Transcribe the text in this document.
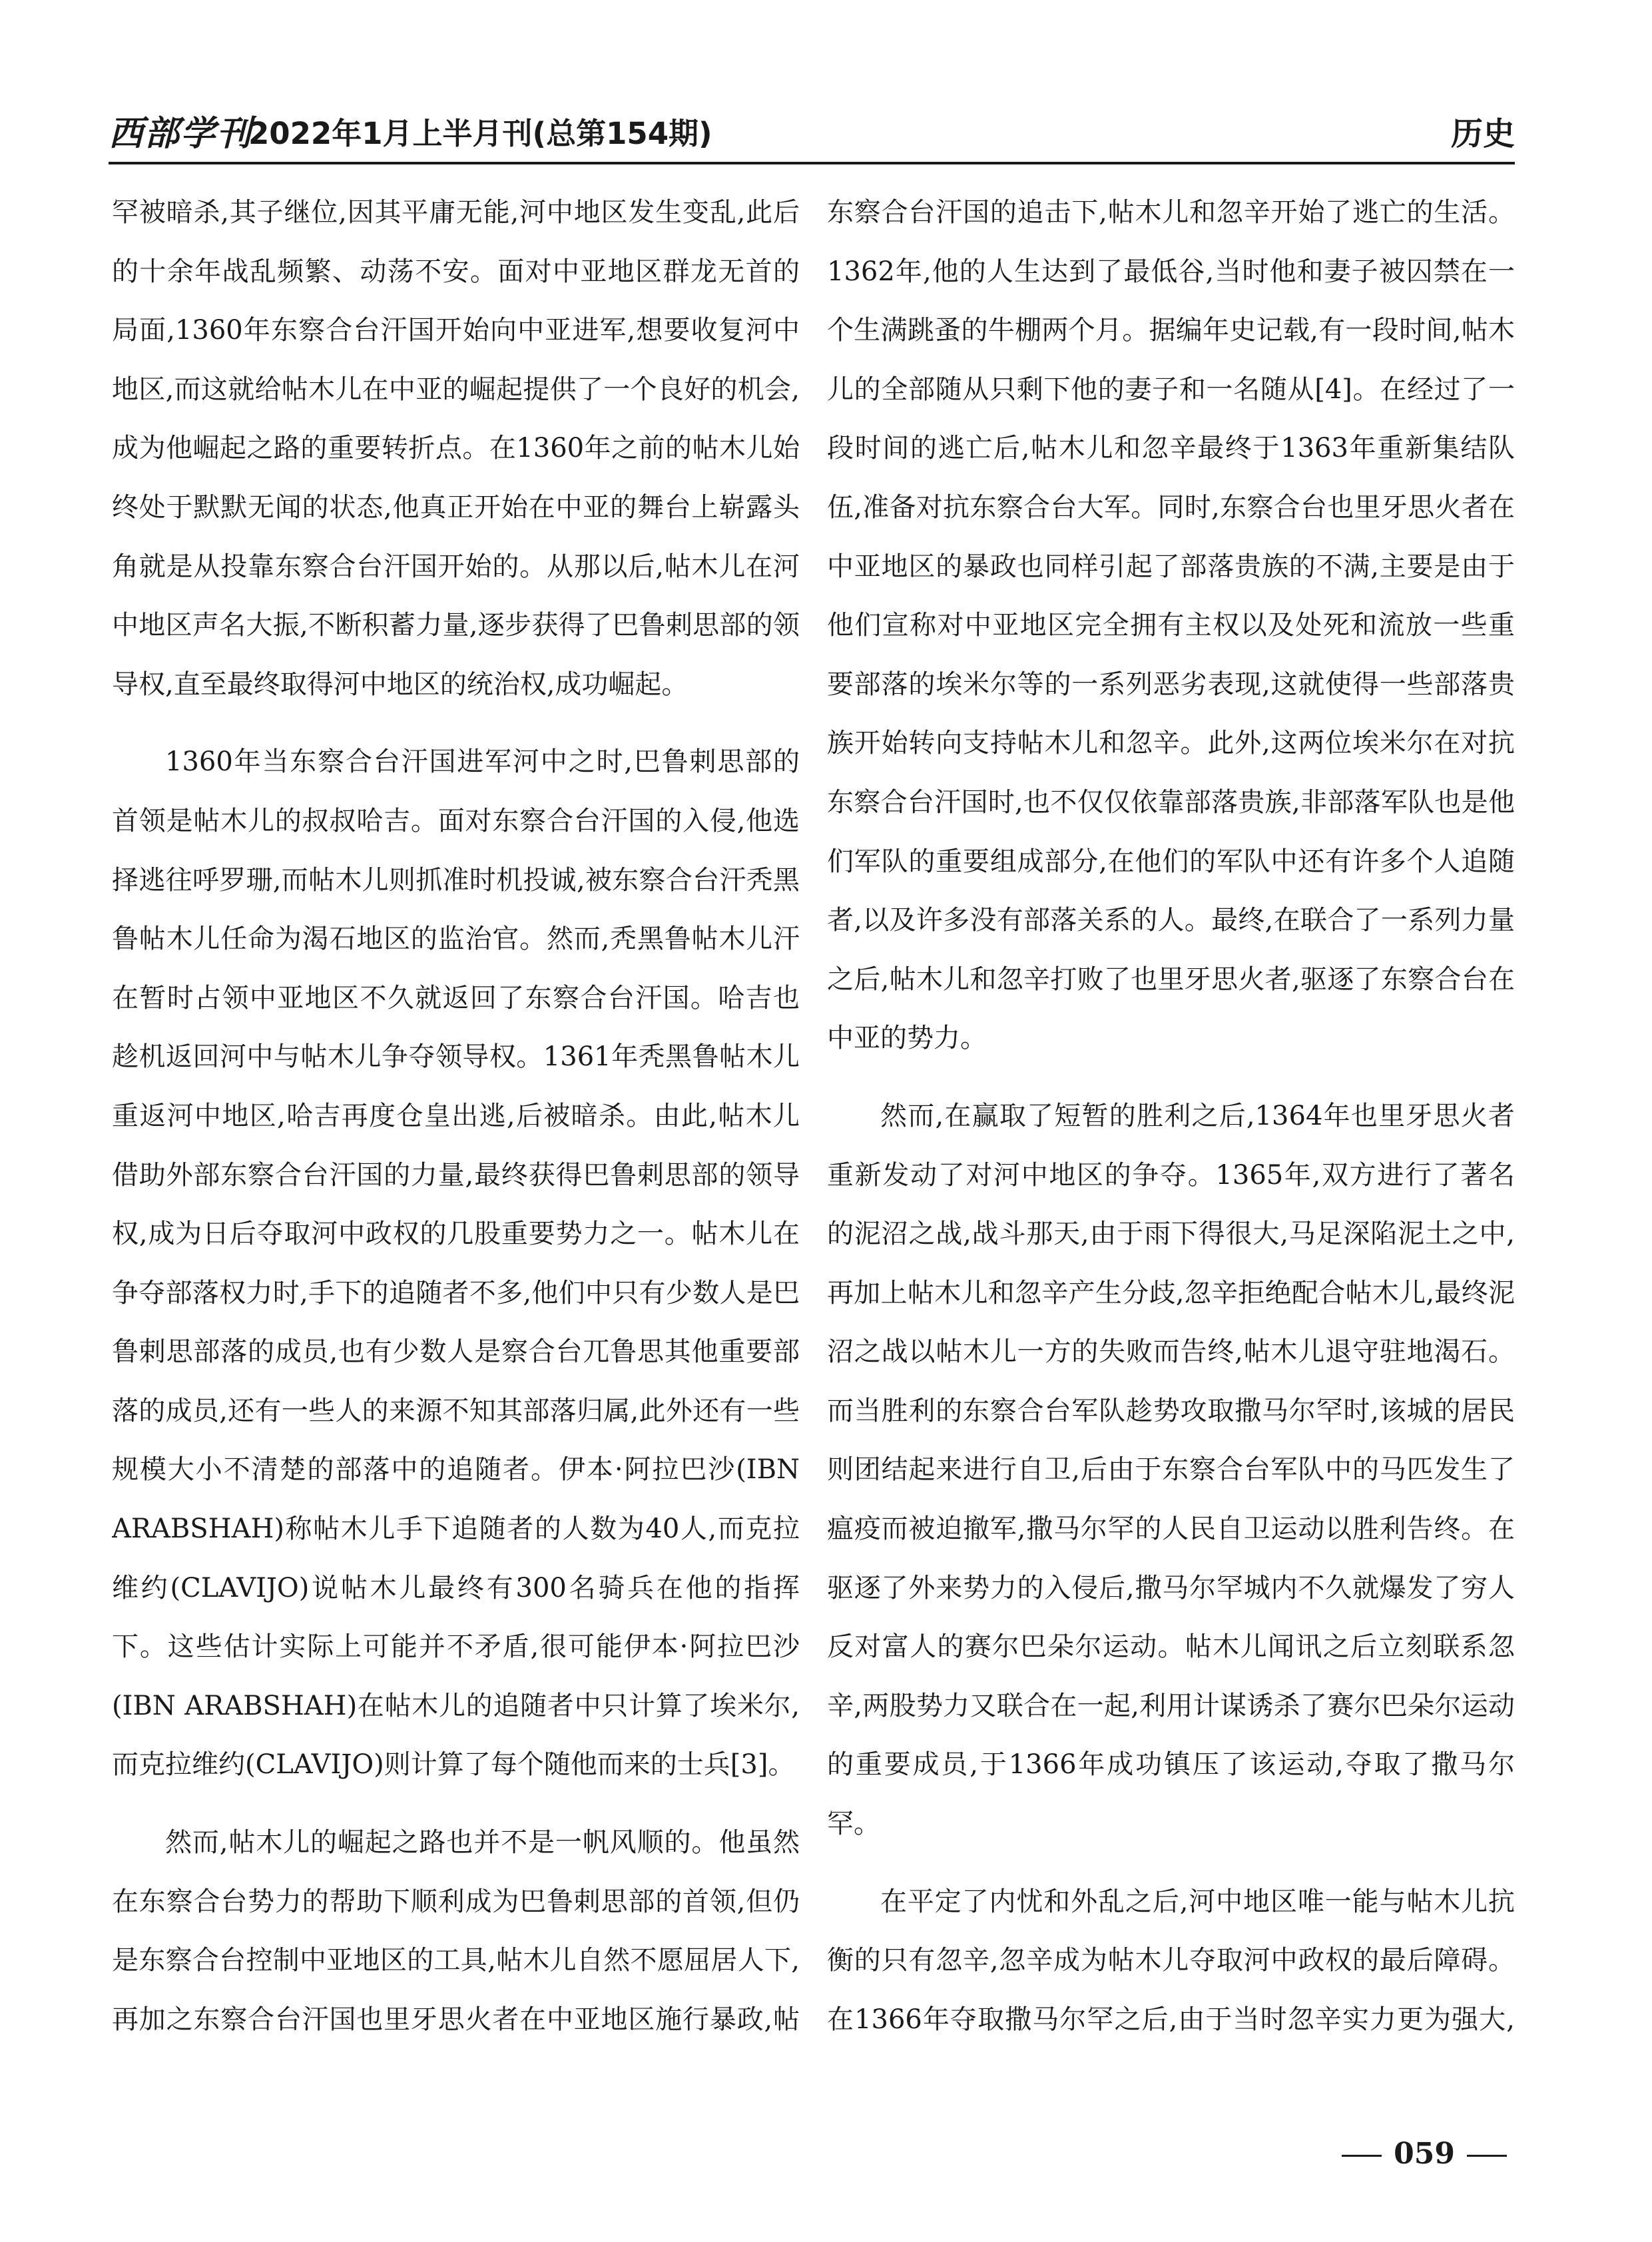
西部学刊
2022年1月上半月刊(总第154期)	历史

罕被暗杀,其子继位,因其平庸无能,河中地区发生变乱,此后的十余年战乱频繁、动荡不安。面对中亚地区群龙无首的局面,1360年东察合台汗国开始向中亚进军,想要收复河中地区,而这就给帖木儿在中亚的崛起提供了一个良好的机会,成为他崛起之路的重要转折点。在1360年之前的帖木儿始终处于默默无闻的状态,他真正开始在中亚的舞台上崭露头角就是从投靠东察合台汗国开始的。从那以后,帖木儿在河中地区声名大振,不断积蓄力量,逐步获得了巴鲁剌思部的领导权,直至最终取得河中地区的统治权,成功崛起。

1360年当东察合台汗国进军河中之时,巴鲁剌思部的首领是帖木儿的叔叔哈吉。面对东察合台汗国的入侵,他选择逃往呼罗珊,而帖木儿则抓准时机投诚,被东察合台汗秃黑鲁帖木儿任命为渴石地区的监治官。然而,秃黑鲁帖木儿汗在暂时占领中亚地区不久就返回了东察合台汗国。哈吉也趁机返回河中与帖木儿争夺领导权。1361年秃黑鲁帖木儿重返河中地区,哈吉再度仓皇出逃,后被暗杀。由此,帖木儿借助外部东察合台汗国的力量,最终获得巴鲁剌思部的领导权,成为日后夺取河中政权的几股重要势力之一。帖木儿在争夺部落权力时,手下的追随者不多,他们中只有少数人是巴鲁剌思部落的成员,也有少数人是察合台兀鲁思其他重要部落的成员,还有一些人的来源不知其部落归属,此外还有一些规模大小不清楚的部落中的追随者。伊本·阿拉巴沙(IBN ARABSHAH)称帖木儿手下追随者的人数为40人,而克拉维约(CLAVIJO)说帖木儿最终有300名骑兵在他的指挥下。这些估计实际上可能并不矛盾,很可能伊本·阿拉巴沙(IBN ARABSHAH)在帖木儿的追随者中只计算了埃米尔,而克拉维约(CLAVIJO)则计算了每个随他而来的士兵[3]。

然而,帖木儿的崛起之路也并不是一帆风顺的。他虽然在东察合台势力的帮助下顺利成为巴鲁剌思部的首领,但仍是东察合台控制中亚地区的工具,帖木儿自然不愿屈居人下,再加之东察合台汗国也里牙思火者在中亚地区施行暴政,帖

东察合台汗国的追击下,帖木儿和忽辛开始了逃亡的生活。1362年,他的人生达到了最低谷,当时他和妻子被囚禁在一个生满跳蚤的牛棚两个月。据编年史记载,有一段时间,帖木儿的全部随从只剩下他的妻子和一名随从[4]。在经过了一段时间的逃亡后,帖木儿和忽辛最终于1363年重新集结队伍,准备对抗东察合台大军。同时,东察合台也里牙思火者在中亚地区的暴政也同样引起了部落贵族的不满,主要是由于他们宣称对中亚地区完全拥有主权以及处死和流放一些重要部落的埃米尔等的一系列恶劣表现,这就使得一些部落贵族开始转向支持帖木儿和忽辛。此外,这两位埃米尔在对抗东察合台汗国时,也不仅仅依靠部落贵族,非部落军队也是他们军队的重要组成部分,在他们的军队中还有许多个人追随者,以及许多没有部落关系的人。最终,在联合了一系列力量之后,帖木儿和忽辛打败了也里牙思火者,驱逐了东察合台在中亚的势力。

然而,在赢取了短暂的胜利之后,1364年也里牙思火者重新发动了对河中地区的争夺。1365年,双方进行了著名的泥沼之战,战斗那天,由于雨下得很大,马足深陷泥土之中,再加上帖木儿和忽辛产生分歧,忽辛拒绝配合帖木儿,最终泥沼之战以帖木儿一方的失败而告终,帖木儿退守驻地渴石。而当胜利的东察合台军队趁势攻取撒马尔罕时,该城的居民则团结起来进行自卫,后由于东察合台军队中的马匹发生了瘟疫而被迫撤军,撒马尔罕的人民自卫运动以胜利告终。在驱逐了外来势力的入侵后,撒马尔罕城内不久就爆发了穷人反对富人的赛尔巴朵尔运动。帖木儿闻讯之后立刻联系忽辛,两股势力又联合在一起,利用计谋诱杀了赛尔巴朵尔运动的重要成员,于1366年成功镇压了该运动,夺取了撒马尔罕。

在平定了内忧和外乱之后,河中地区唯一能与帖木儿抗衡的只有忽辛,忽辛成为帖木儿夺取河中政权的最后障碍。在1366年夺取撒马尔罕之后,由于当时忽辛实力更为强大,

059
